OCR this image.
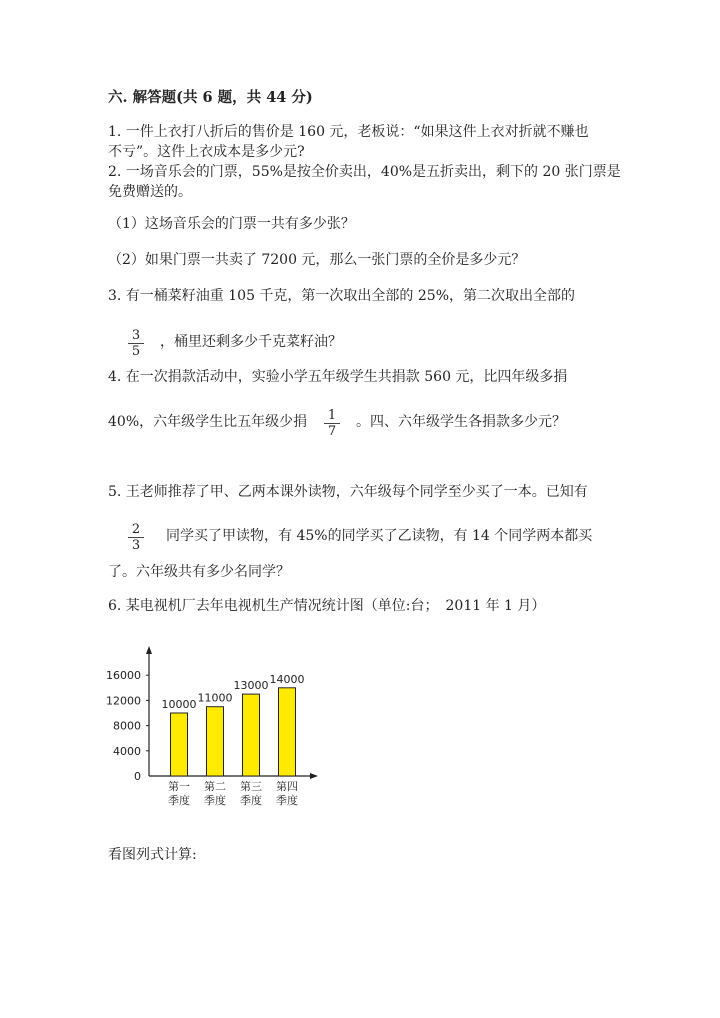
六. 解答题(共 6 题，共 44 分)
1. 一件上衣打八折后的售价是 160 元，老板说：“如果这件上衣对折就不赚也
不亏”。这件上衣成本是多少元?
2. 一场音乐会的门票，55%是按全价卖出，40%是五折卖出，剩下的 20 张门票是
免费赠送的。
（1）这场音乐会的门票一共有多少张？
（2）如果门票一共卖了 7200 元，那么一张门票的全价是多少元？
3. 有一桶菜籽油重 105 千克，第一次取出全部的 25%，第二次取出全部的
$\frac{3}{5}$ ，桶里还剩多少千克菜籽油？
4. 在一次捐款活动中，实验小学五年级学生共捐款 560 元，比四年级多捐
40%，六年级学生比五年级少捐 $\frac{1}{7}$ 。四、六年级学生各捐款多少元？
5. 王老师推荐了甲、乙两本课外读物，六年级每个同学至少买了一本。已知有
$\frac{2}{3}$ 同学买了甲读物，有 45%的同学买了乙读物，有 14 个同学两本都买
了。六年级共有多少名同学？
6. 某电视机厂去年电视机生产情况统计图（单位:台；　2011 年 1 月）
0
4000
8000
12000
16000
10000
第一
季度
11000
第二
季度
13000
第三
季度
14000
第四
季度
看图列式计算:
